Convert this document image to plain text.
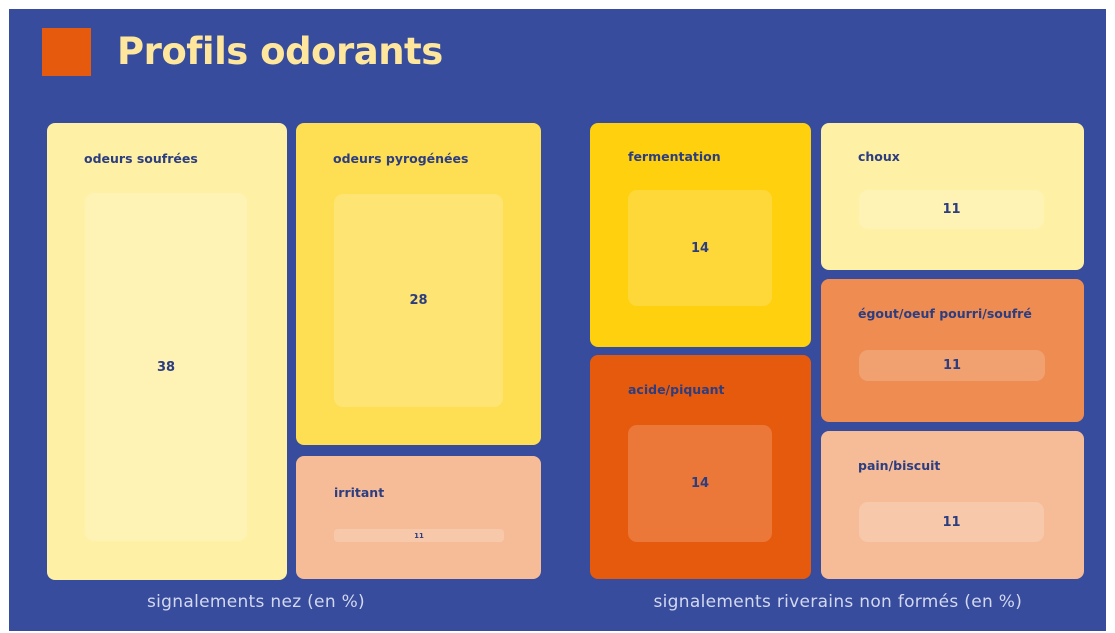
Profils odorants

odeurs soufrées

38

odeurs pyrogénées

28

irritant

11

signalements nez (en %)

fermentation

14

acide/piquant

14

choux

11

égout/oeuf pourri/soufré

11

pain/biscuit

11

signalements riverains non formés (en %)
